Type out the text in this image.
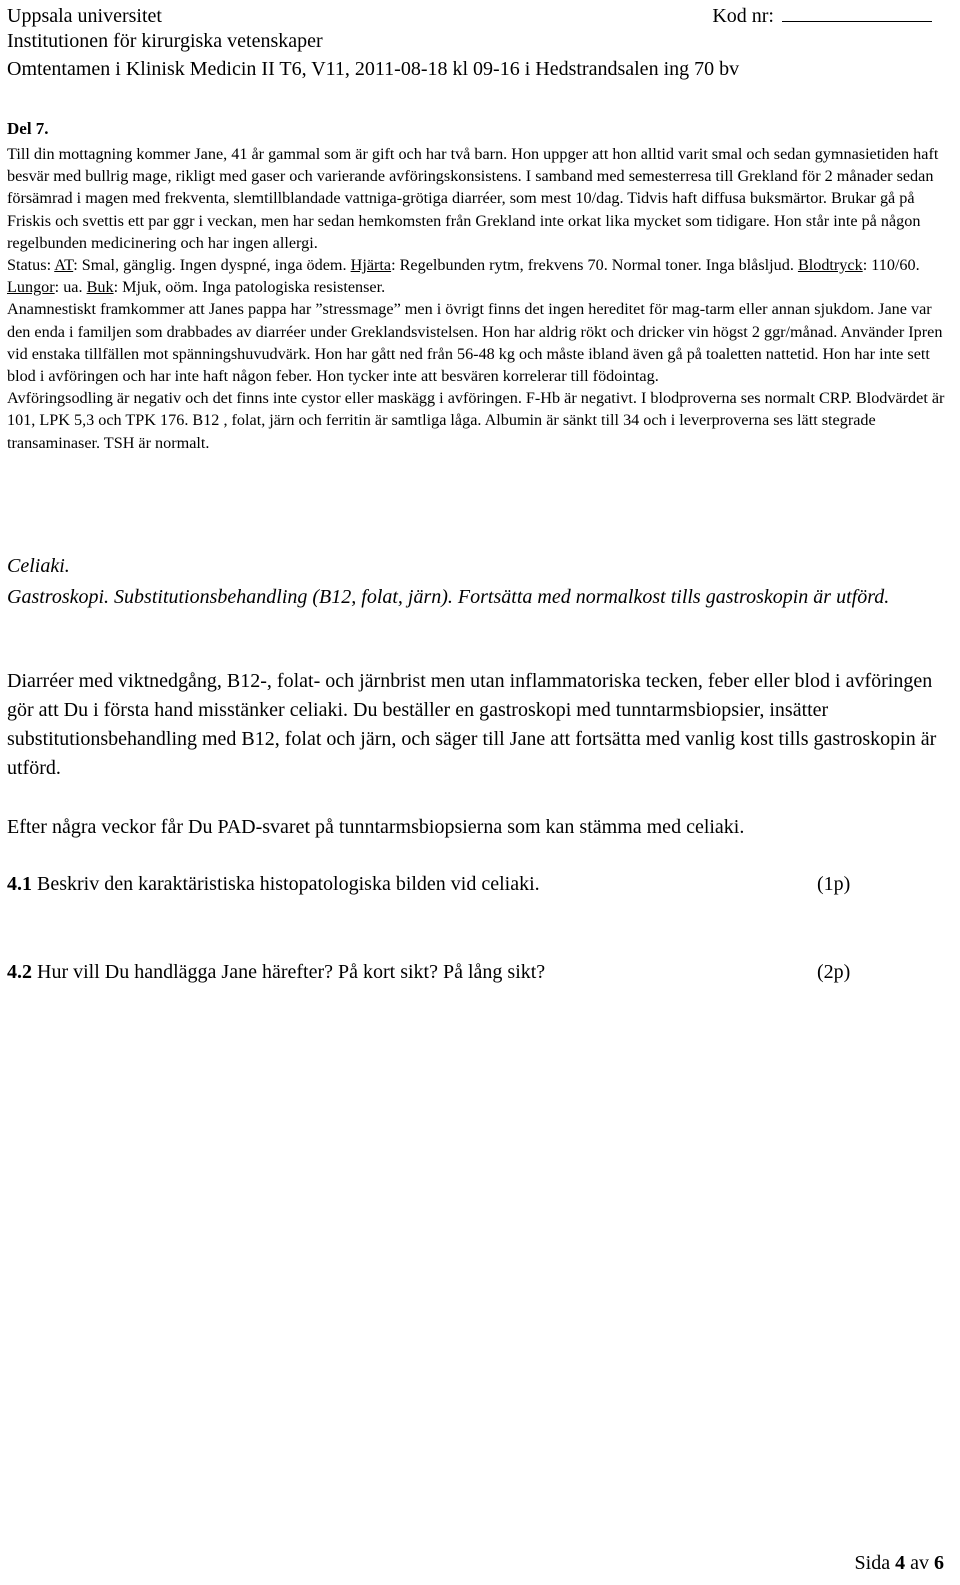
Uppsala universitet	Kod nr:
Institutionen för kirurgiska vetenskaper
Omtentamen i Klinisk Medicin II T6, V11, 2011-08-18 kl 09-16 i Hedstrandsalen ing 70 bv
Del 7.

Till din mottagning kommer Jane, 41 år gammal som är gift och har två barn. Hon uppger att hon alltid varit smal och sedan gymnasietiden haft besvär med bullrig mage, rikligt med gaser och varierande avföringskonsistens. I samband med semesterresa till Grekland för 2 månader sedan försämrad i magen med frekventa, slemtillblandade vattniga-grötiga diarréer, som mest 10/dag. Tidvis haft diffusa buksmärtor. Brukar gå på Friskis och svettis ett par ggr i veckan, men har sedan hemkomsten från Grekland inte orkat lika mycket som tidigare. Hon står inte på någon regelbunden medicinering och har ingen allergi.

Status: AT: Smal, gänglig. Ingen dyspné, inga ödem. Hjärta: Regelbunden rytm, frekvens 70. Normal toner. Inga blåsljud. Blodtryck: 110/60. Lungor: ua. Buk: Mjuk, oöm. Inga patologiska resistenser.

Anamnestiskt framkommer att Janes pappa har ”stressmage” men i övrigt finns det ingen hereditet för mag-tarm eller annan sjukdom. Jane var den enda i familjen som drabbades av diarréer under Greklandsvistelsen. Hon har aldrig rökt och dricker vin högst 2 ggr/månad. Använder Ipren vid enstaka tillfällen mot spänningshuvudvärk. Hon har gått ned från 56-48 kg och måste ibland även gå på toaletten nattetid. Hon har inte sett blod i avföringen och har inte haft någon feber. Hon tycker inte att besvären korrelerar till födointag.

Avföringsodling är negativ och det finns inte cystor eller maskägg i avföringen. F-Hb är negativt. I blodproverna ses normalt CRP. Blodvärdet är 101, LPK 5,3 och TPK 176. B12 , folat, järn och ferritin är samtliga låga. Albumin är sänkt till 34 och i leverproverna ses lätt stegrade transaminaser. TSH är normalt.

Celiaki.
Gastroskopi. Substitutionsbehandling (B12, folat, järn). Fortsätta med normalkost tills gastroskopin är utförd.
Diarréer med viktnedgång, B12-, folat- och järnbrist men utan inflammatoriska tecken, feber eller blod i avföringen gör att Du i första hand misstänker celiaki. Du beställer en gastroskopi med tunntarmsbiopsier, insätter substitutionsbehandling med B12, folat och järn, och säger till Jane att fortsätta med vanlig kost tills gastroskopin är utförd.
Efter några veckor får Du PAD-svaret på tunntarmsbiopsierna som kan stämma med celiaki.
4.1 Beskriv den karaktäristiska histopatologiska bilden vid celiaki.	(1p)
4.2 Hur vill Du handlägga Jane härefter? På kort sikt? På lång sikt?	(2p)
Sida 4 av 6
